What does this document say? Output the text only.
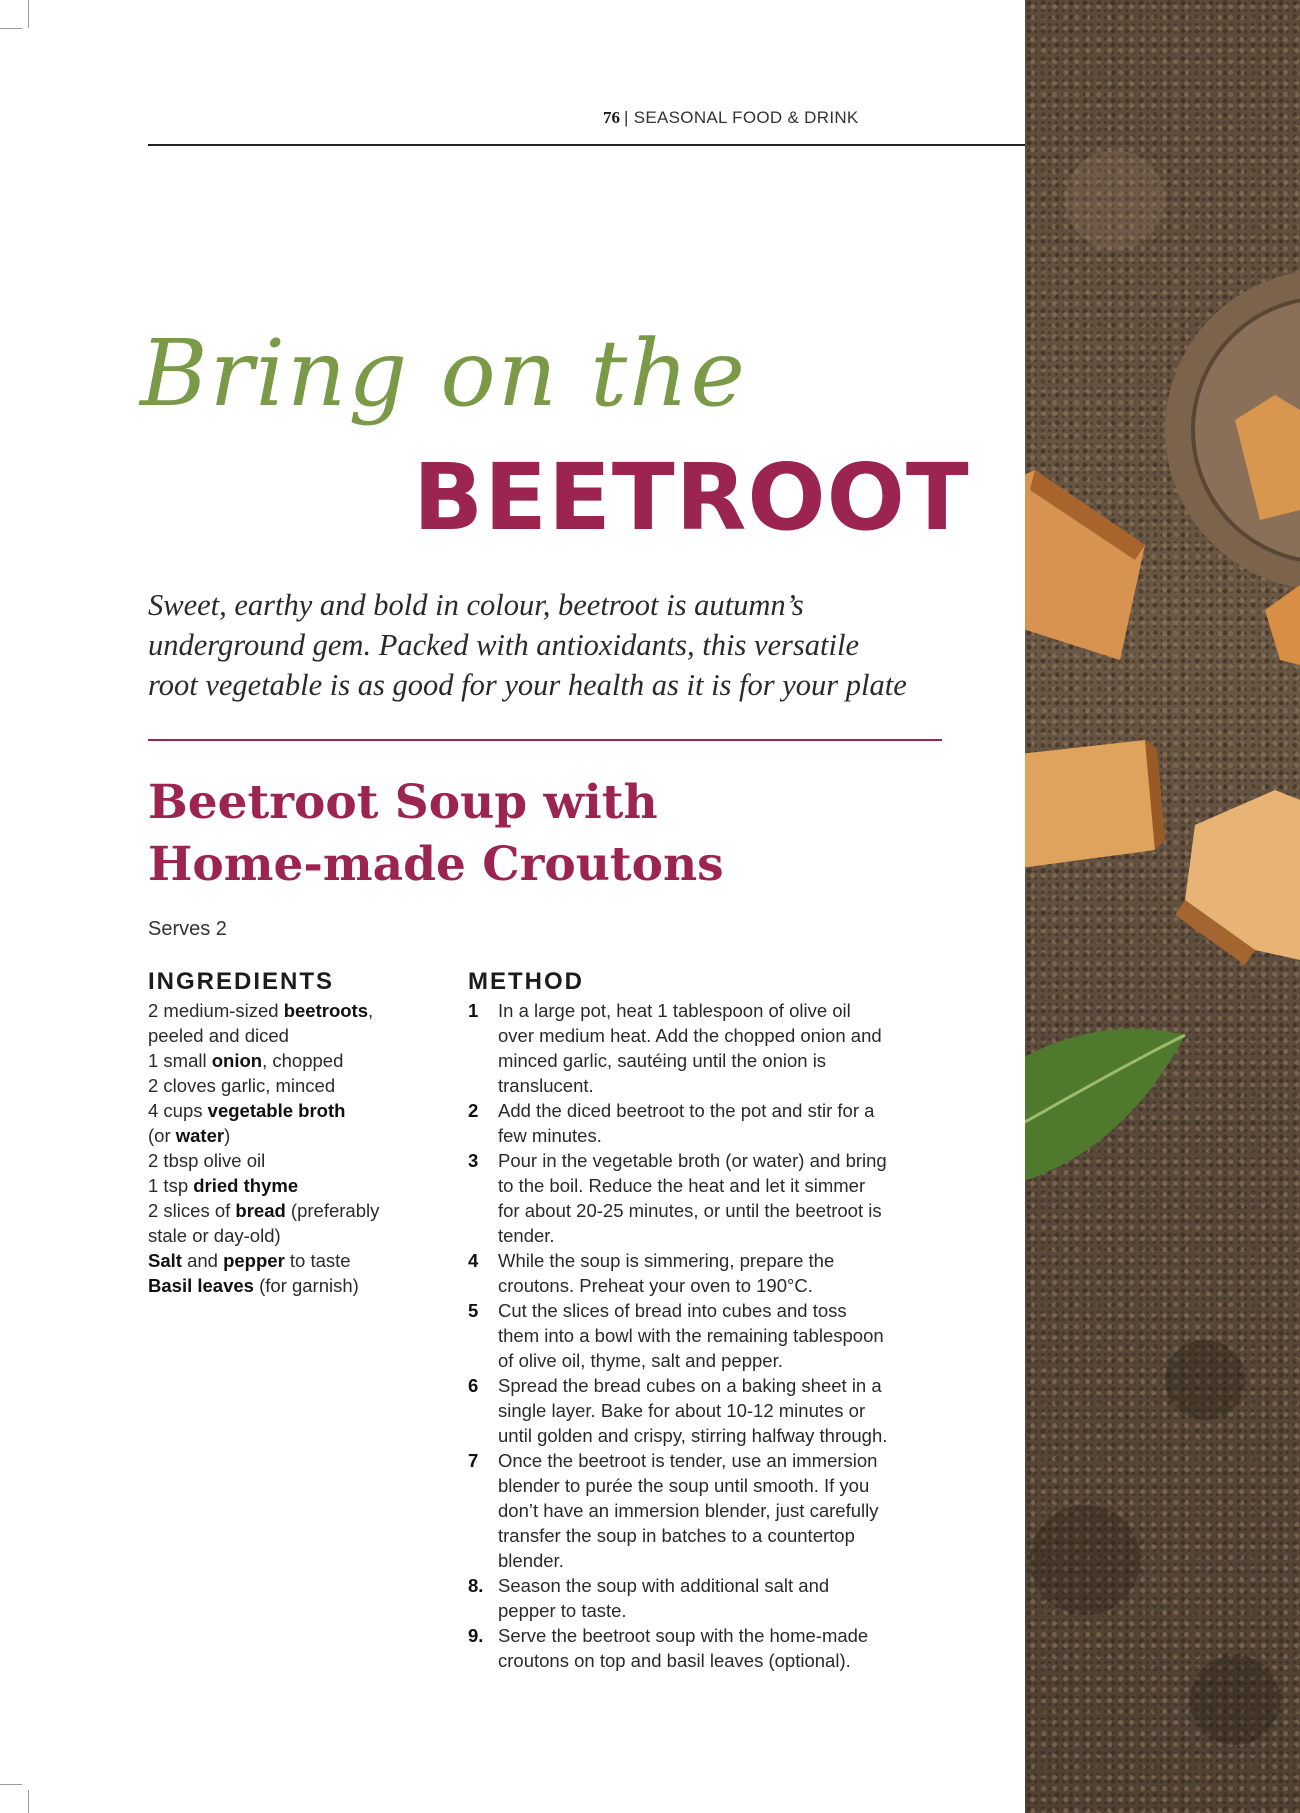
76 | SEASONAL FOOD & DRINK
Bring on the
BEETROOT
Sweet, earthy and bold in colour, beetroot is autumn’s
underground gem. Packed with antioxidants, this versatile
root vegetable is as good for your health as it is for your plate
Beetroot Soup with
Home-made Croutons
Serves 2
INGREDIENTS
2 medium-sized beetroots,
peeled and diced
1 small onion, chopped
2 cloves garlic, minced
4 cups vegetable broth
(or water)
2 tbsp olive oil
1 tsp dried thyme
2 slices of bread (preferably
stale or day-old)
Salt and pepper to taste
Basil leaves (for garnish)
METHOD
1 In a large pot, heat 1 tablespoon of olive oil over medium heat. Add the chopped onion and minced garlic, sautéing until the onion is translucent.
2 Add the diced beetroot to the pot and stir for a few minutes.
3 Pour in the vegetable broth (or water) and bring to the boil. Reduce the heat and let it simmer for about 20-25 minutes, or until the beetroot is tender.
4 While the soup is simmering, prepare the croutons. Preheat your oven to 190°C.
5 Cut the slices of bread into cubes and toss them into a bowl with the remaining tablespoon of olive oil, thyme, salt and pepper.
6 Spread the bread cubes on a baking sheet in a single layer. Bake for about 10-12 minutes or until golden and crispy, stirring halfway through.
7 Once the beetroot is tender, use an immersion blender to purée the soup until smooth. If you don’t have an immersion blender, just carefully transfer the soup in batches to a countertop blender.
8. Season the soup with additional salt and pepper to taste.
9. Serve the beetroot soup with the home-made croutons on top and basil leaves (optional).
